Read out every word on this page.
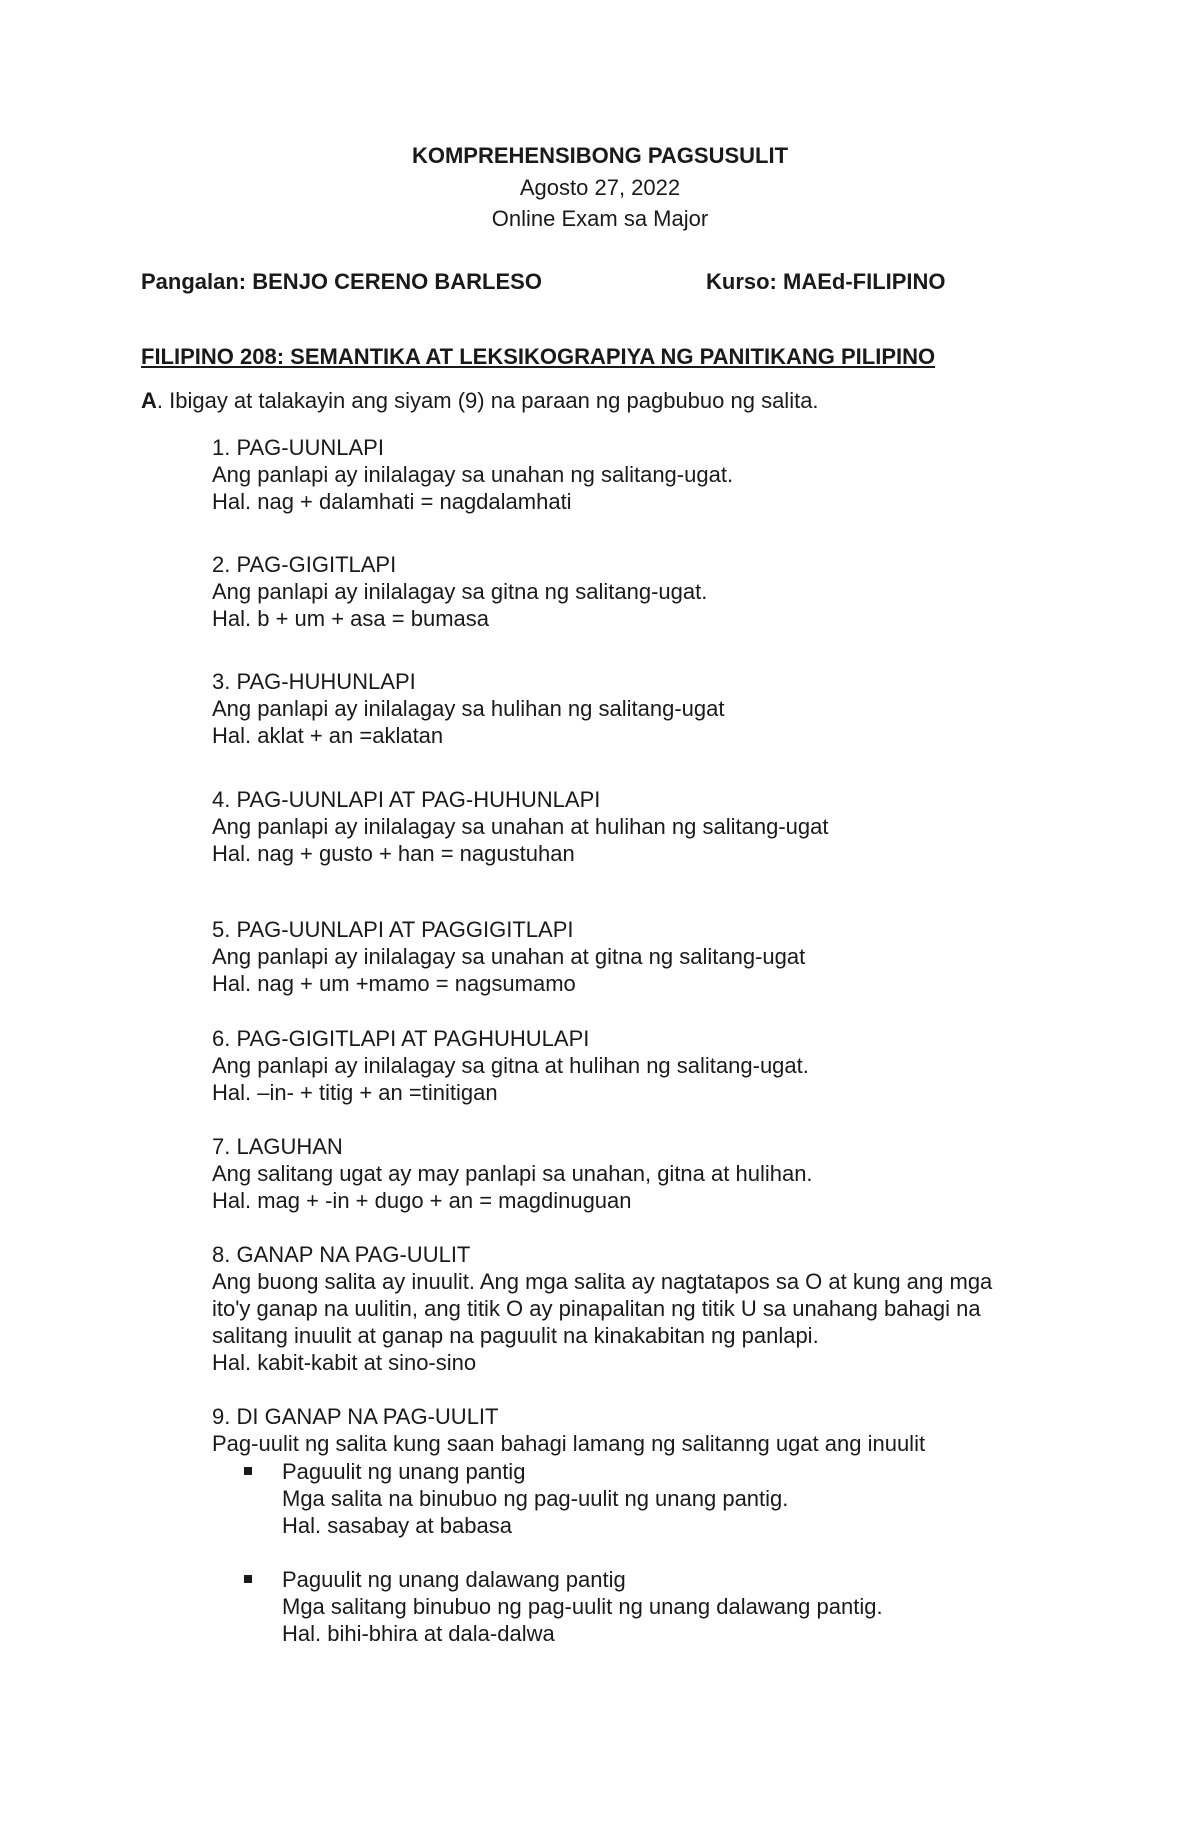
KOMPREHENSIBONG PAGSUSULIT
Agosto 27, 2022
Online Exam sa Major
Pangalan: BENJO CERENO BARLESO	Kurso: MAEd-FILIPINO
FILIPINO 208: SEMANTIKA AT LEKSIKOGRAPIYA NG PANITIKANG PILIPINO
A. Ibigay at talakayin ang siyam (9) na paraan ng pagbubuo ng salita.
1. PAG-UUNLAPI
Ang panlapi ay inilalagay sa unahan ng salitang-ugat.
Hal. nag + dalamhati = nagdalamhati
2. PAG-GIGITLAPI
Ang panlapi ay inilalagay sa gitna ng salitang-ugat.
Hal. b + um + asa = bumasa
3. PAG-HUHUNLAPI
Ang panlapi ay inilalagay sa hulihan ng salitang-ugat
Hal. aklat + an =aklatan
4. PAG-UUNLAPI AT PAG-HUHUNLAPI
Ang panlapi ay inilalagay sa unahan at hulihan ng salitang-ugat
Hal. nag + gusto + han = nagustuhan
5. PAG-UUNLAPI AT PAGGIGITLAPI
Ang panlapi ay inilalagay sa unahan at gitna ng salitang-ugat
Hal. nag + um +mamo = nagsumamo
6. PAG-GIGITLAPI AT PAGHUHULAPI
Ang panlapi ay inilalagay sa gitna at hulihan ng salitang-ugat.
Hal. –in- + titig + an =tinitigan
7. LAGUHAN
Ang salitang ugat ay may panlapi sa unahan, gitna at hulihan.
Hal. mag + -in + dugo + an = magdinuguan
8. GANAP NA PAG-UULIT
Ang buong salita ay inuulit. Ang mga salita ay nagtatapos sa O at kung ang mga
ito'y ganap na uulitin, ang titik O ay pinapalitan ng titik U sa unahang bahagi na
salitang inuulit at ganap na paguulit na kinakabitan ng panlapi.
Hal. kabit-kabit at sino-sino
9. DI GANAP NA PAG-UULIT
Pag-uulit ng salita kung saan bahagi lamang ng salitanng ugat ang inuulit
Paguulit ng unang pantig
Mga salita na binubuo ng pag-uulit ng unang pantig.
Hal. sasabay at babasa
Paguulit ng unang dalawang pantig
Mga salitang binubuo ng pag-uulit ng unang dalawang pantig.
Hal. bihi-bhira at dala-dalwa
